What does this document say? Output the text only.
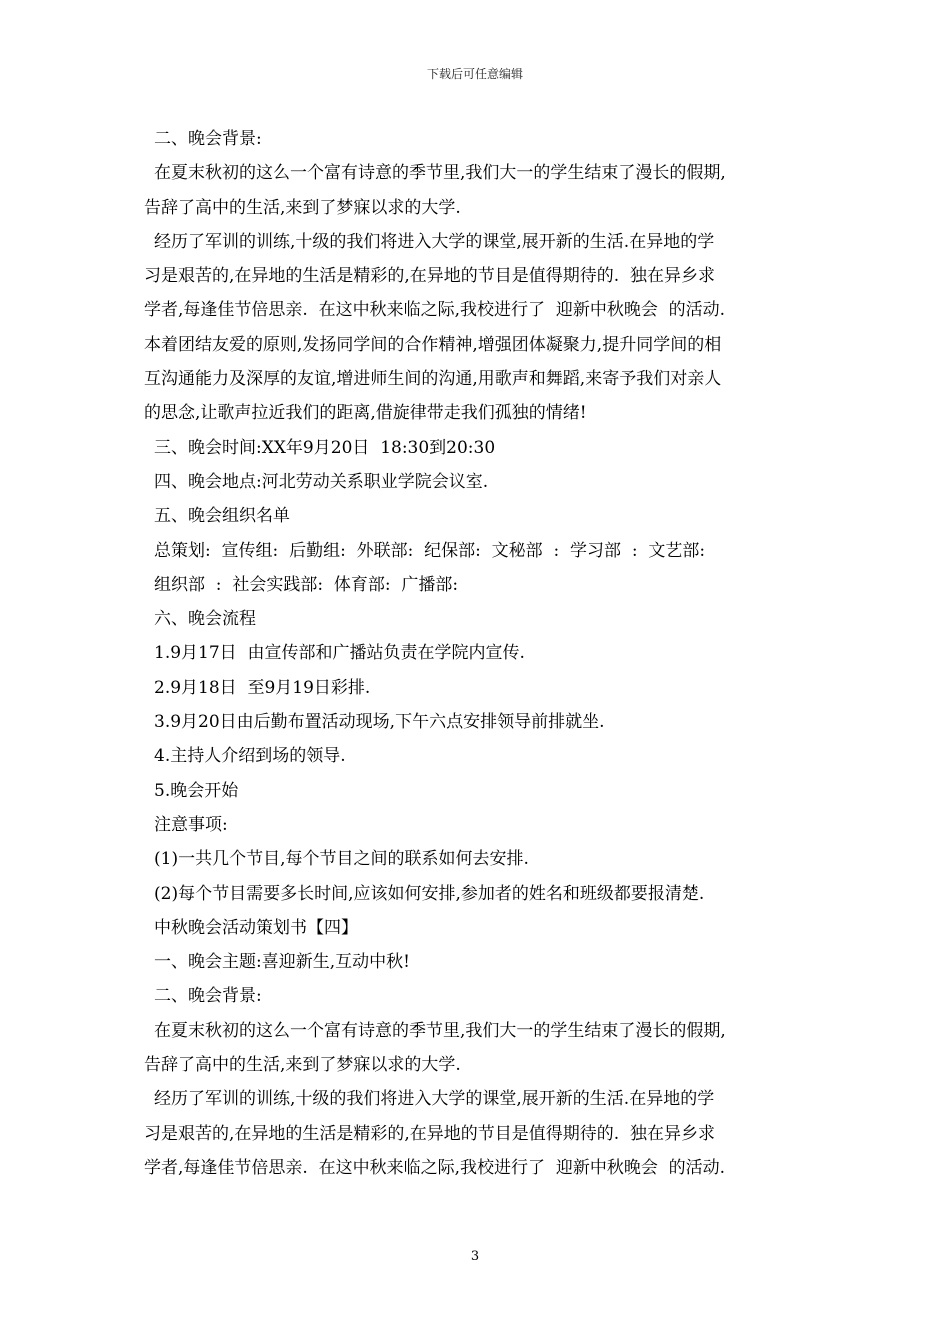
下载后可任意编辑
二、晚会背景:
在夏末秋初的这么一个富有诗意的季节里,我们大一的学生结束了漫长的假期,
告辞了高中的生活,来到了梦寐以求的大学.
经历了军训的训练,十级的我们将进入大学的课堂,展开新的生活.在异地的学
习是艰苦的,在异地的生活是精彩的,在异地的节目是值得期待的.  独在异乡求
学者,每逢佳节倍思亲.  在这中秋来临之际,我校进行了  迎新中秋晚会  的活动.
本着团结友爱的原则,发扬同学间的合作精神,增强团体凝聚力,提升同学间的相
互沟通能力及深厚的友谊,增进师生间的沟通,用歌声和舞蹈,来寄予我们对亲人
的思念,让歌声拉近我们的距离,借旋律带走我们孤独的情绪!
三、晚会时间:XX年9月20日  18:30到20:30
四、晚会地点:河北劳动关系职业学院会议室.
五、晚会组织名单
总策划:  宣传组:  后勤组:  外联部:  纪保部:  文秘部  :  学习部  :  文艺部:
组织部  :  社会实践部:  体育部:  广播部:
六、晚会流程
1.9月17日  由宣传部和广播站负责在学院内宣传.
2.9月18日  至9月19日彩排.
3.9月20日由后勤布置活动现场,下午六点安排领导前排就坐.
4.主持人介绍到场的领导.
5.晚会开始
注意事项:
(1)一共几个节目,每个节目之间的联系如何去安排.
(2)每个节目需要多长时间,应该如何安排,参加者的姓名和班级都要报清楚.
中秋晚会活动策划书【四】
一、晚会主题:喜迎新生,互动中秋!
二、晚会背景:
在夏末秋初的这么一个富有诗意的季节里,我们大一的学生结束了漫长的假期,
告辞了高中的生活,来到了梦寐以求的大学.
经历了军训的训练,十级的我们将进入大学的课堂,展开新的生活.在异地的学
习是艰苦的,在异地的生活是精彩的,在异地的节目是值得期待的.  独在异乡求
学者,每逢佳节倍思亲.  在这中秋来临之际,我校进行了  迎新中秋晚会  的活动.
3
